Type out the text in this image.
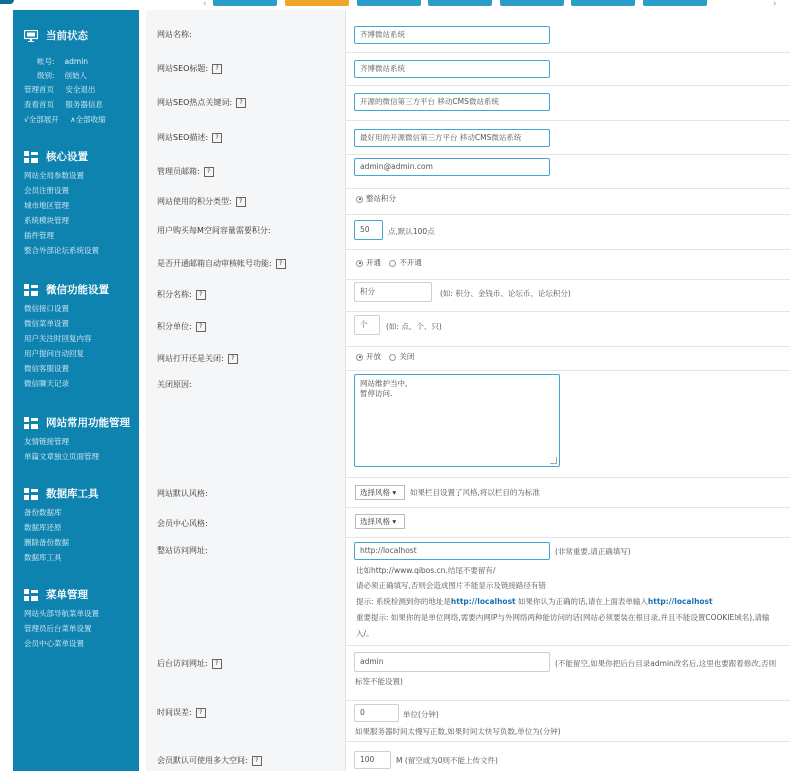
‹	›
当前状态
帐号: admin
级别: 创始人
管理首页 安全退出
查看首页 服务器信息
√全部展开 ∧全部收缩
核心设置
网站全局参数设置
会员注册设置
城市地区管理
系统模块管理
插件管理
整合外部论坛系统设置
微信功能设置
微信接口设置
微信菜单设置
用户关注时回复内容
用户提问自动回复
微信客服设置
微信聊天记录
网站常用功能管理
友情链接管理
单篇文章独立页面管理
数据库工具
备份数据库
数据库还原
删除备份数据
数据库工具
菜单管理
网站头部导航菜单设置
管理员后台菜单设置
会员中心菜单设置
网站名称:	齐博微站系统
网站SEO标题: ?	齐博微站系统
网站SEO热点关键词: ?	开源的微信第三方平台 移动CMS微站系统
网站SEO描述: ?	最好用的开源微信第三方平台 移动CMS微站系统
管理员邮箱: ?	admin@admin.com
网站使用的积分类型: ?	整站积分
用户购买每M空间容量需要积分:	50	点,默认100点
是否开通邮箱自动审核帐号功能: ?	开通 不开通
积分名称: ?	积分	(如: 积分、金钱币、论坛币、论坛积分)
积分单位: ?	个	(如: 点、个、只)
网站打开还是关闭: ?	开放 关闭
关闭原因:	网站维护当中,
暂停访问.
网站默认风格:	选择风格 ▾	如果栏目设置了风格,将以栏目的为标准
会员中心风格:	选择风格 ▾
整站访问网址:	http://localhost	(非常重要,请正确填写)
比如http://www.qibos.cn.结尾不要留有/
请必须正确填写,否则会造成图片不能显示及链接路径有错
提示: 系统检测到你的地址是http://localhost 如果你认为正确的话,请在上面表单输入http://localhost
重要提示: 如果你的是单位网络,需要内网IP与外网络两种能访问的话(网站必须要装在根目录,并且不能设置COOKIE域名),请输
入/。
后台访问网址: ?	admin	(不能留空,如果你把后台目录admin改名后,这里也要跟着修改,否则
标签不能设置)
时间误差: ?	0	单位(分钟)
如果服务器时间太慢写正数,如果时间太快写负数,单位为(分钟)
会员默认可使用多大空间: ?	100	M (留空或为0则不能上传文件)
